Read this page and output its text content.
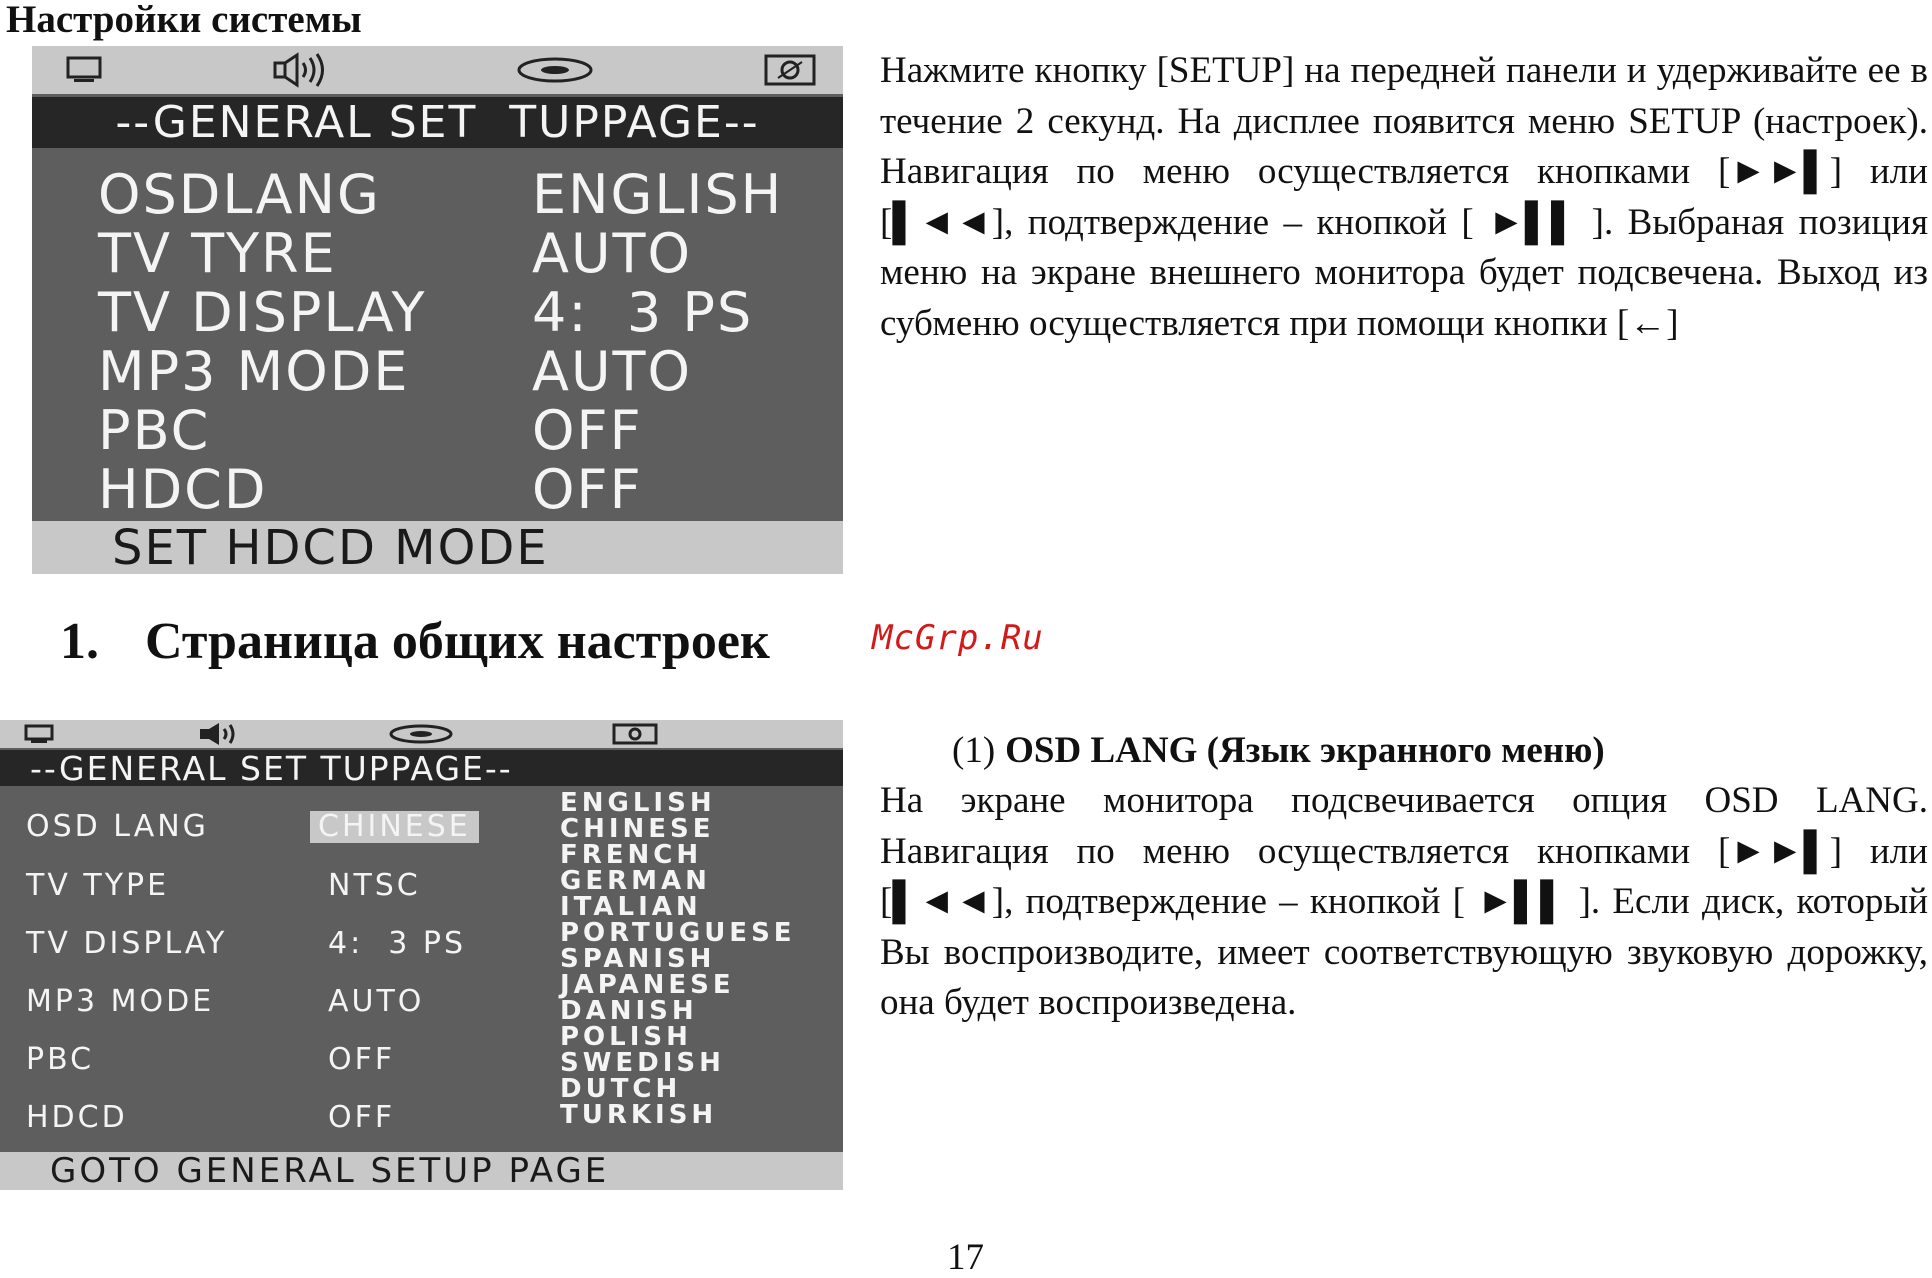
Настройки системы
--GENERAL SET  TUPPAGE--
OSDLANG	ENGLISH
TV TYRE	AUTO
TV DISPLAY 4:  3 PS
MP3 MODE AUTO
PBC	OFF
HDCD	OFF
SET HDCD MODE
Нажмите кнопку [SETUP] на передней панели и удерживайте ее в течение 2 секунд. На дисплее появится меню SETUP (настроек). Навигация по меню осуществляется кнопками [►►▌] или [▌◄◄], подтверждение – кнопкой [ ►▌▌ ]. Выбраная позиция меню на экране внешнего монитора будет подсвечена. Выход из субменю осуществляется при помощи кнопки [←]
1. Страница общих настроек	McGrp.Ru
--GENERAL SET TUPPAGE--
OSD LANG	CHINESE
TV TYPE	NTSC
TV DISPLAY	4:  3 PS
MP3 MODE	AUTO
PBC	OFF
HDCD	OFF
ENGLISH
CHINESE
FRENCH
GERMAN
ITALIAN
PORTUGUESE
SPANISH
JAPANESE
DANISH
POLISH
SWEDISH
DUTCH
TURKISH
GOTO GENERAL SETUP PAGE
(1) OSD LANG (Язык экранного меню)
На экране монитора подсвечивается опция OSD LANG. Навигация по меню осуществляется кнопками [►►▌] или [▌◄◄], подтверждение – кнопкой [ ►▌▌ ]. Если диск, который Вы воспроизводите, имеет соответствующую звуковую дорожку, она будет воспроизведена.
17
